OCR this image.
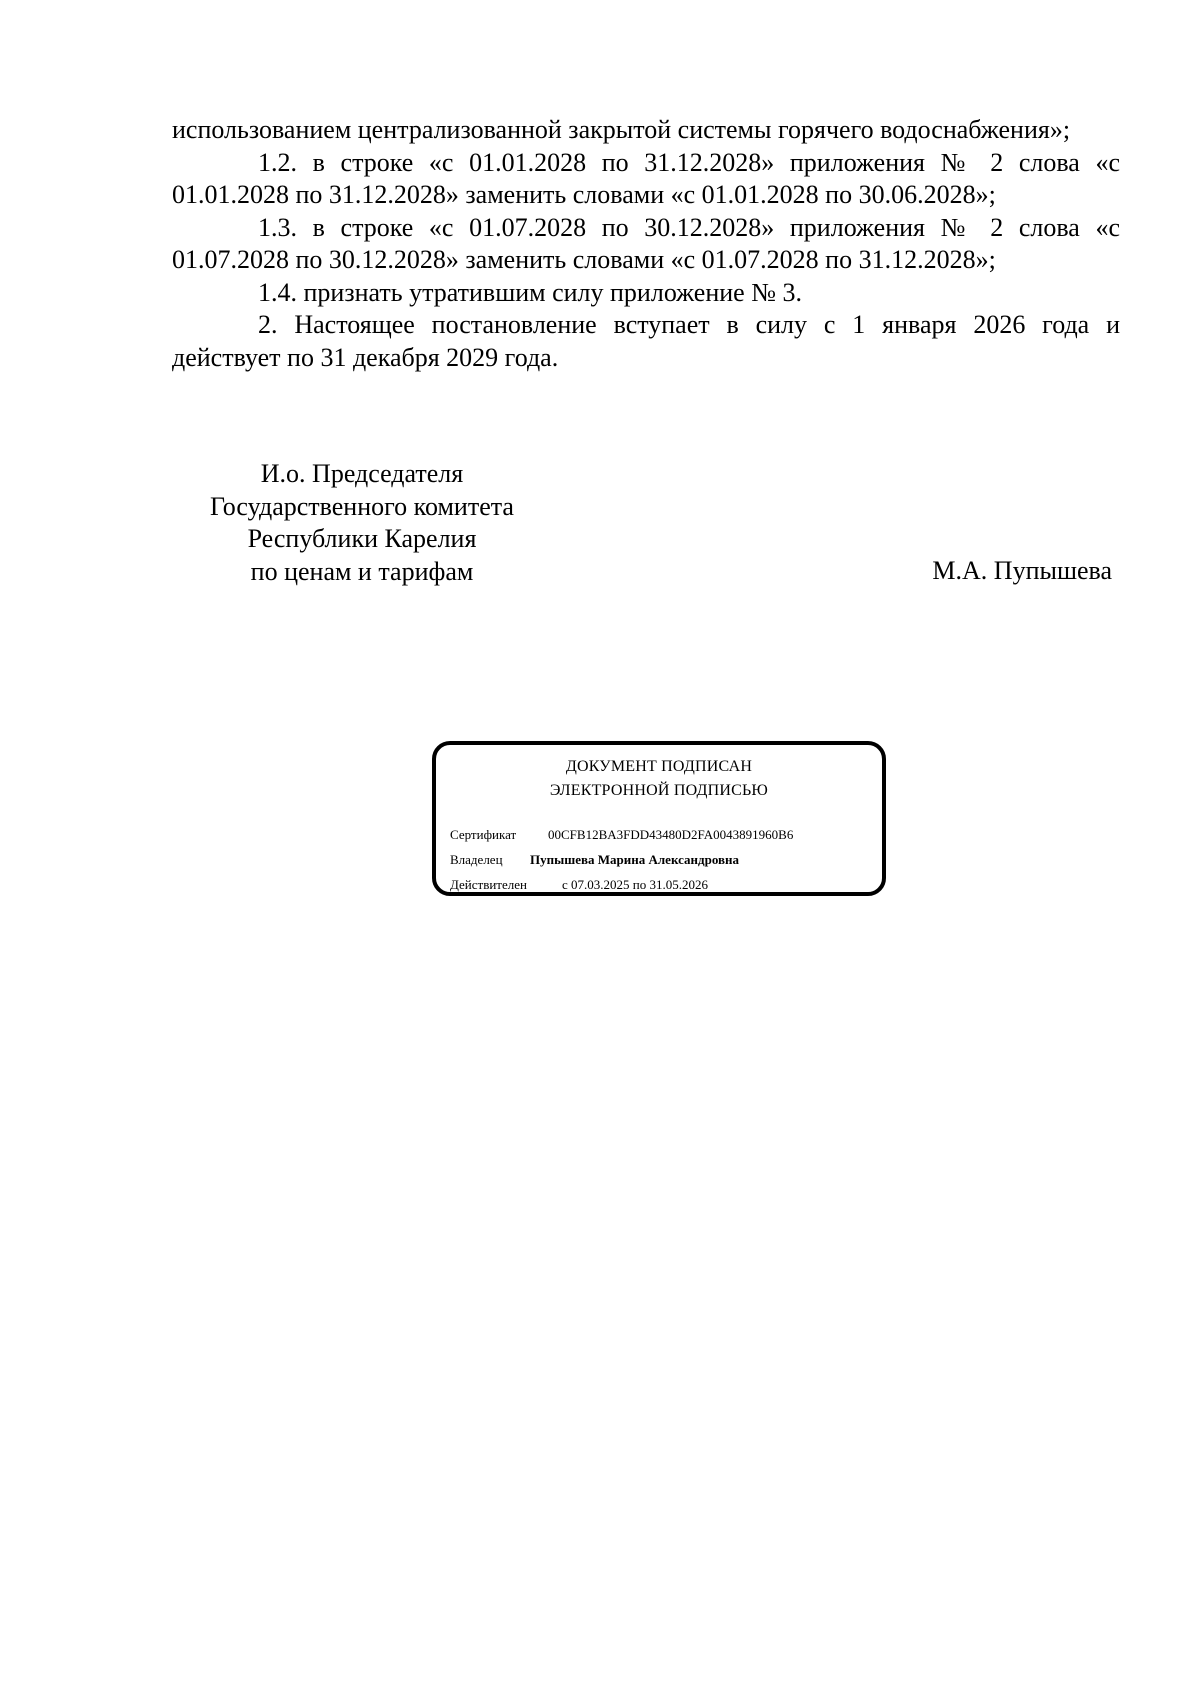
использованием централизованной закрытой системы горячего водоснабжения»;

1.2. в строке «с 01.01.2028 по 31.12.2028» приложения № 2 слова «с 01.01.2028 по 31.12.2028» заменить словами «с 01.01.2028 по 30.06.2028»;

1.3. в строке «с 01.07.2028 по 30.12.2028» приложения № 2 слова «с 01.07.2028 по 30.12.2028» заменить словами «с 01.07.2028 по 31.12.2028»;

1.4. признать утратившим силу приложение № 3.

2. Настоящее постановление вступает в силу с 1 января 2026 года и действует по 31 декабря 2029 года.

И.о. Председателя
Государственного комитета
Республики Карелия
по ценам и тарифам	М.А. Пупышева
ДОКУМЕНТ ПОДПИСАН
ЭЛЕКТРОННОЙ ПОДПИСЬЮ
Сертификат 00CFB12BA3FDD43480D2FA0043891960B6
Владелец Пупышева Марина Александровна
Действителен	с 07.03.2025 по 31.05.2026
